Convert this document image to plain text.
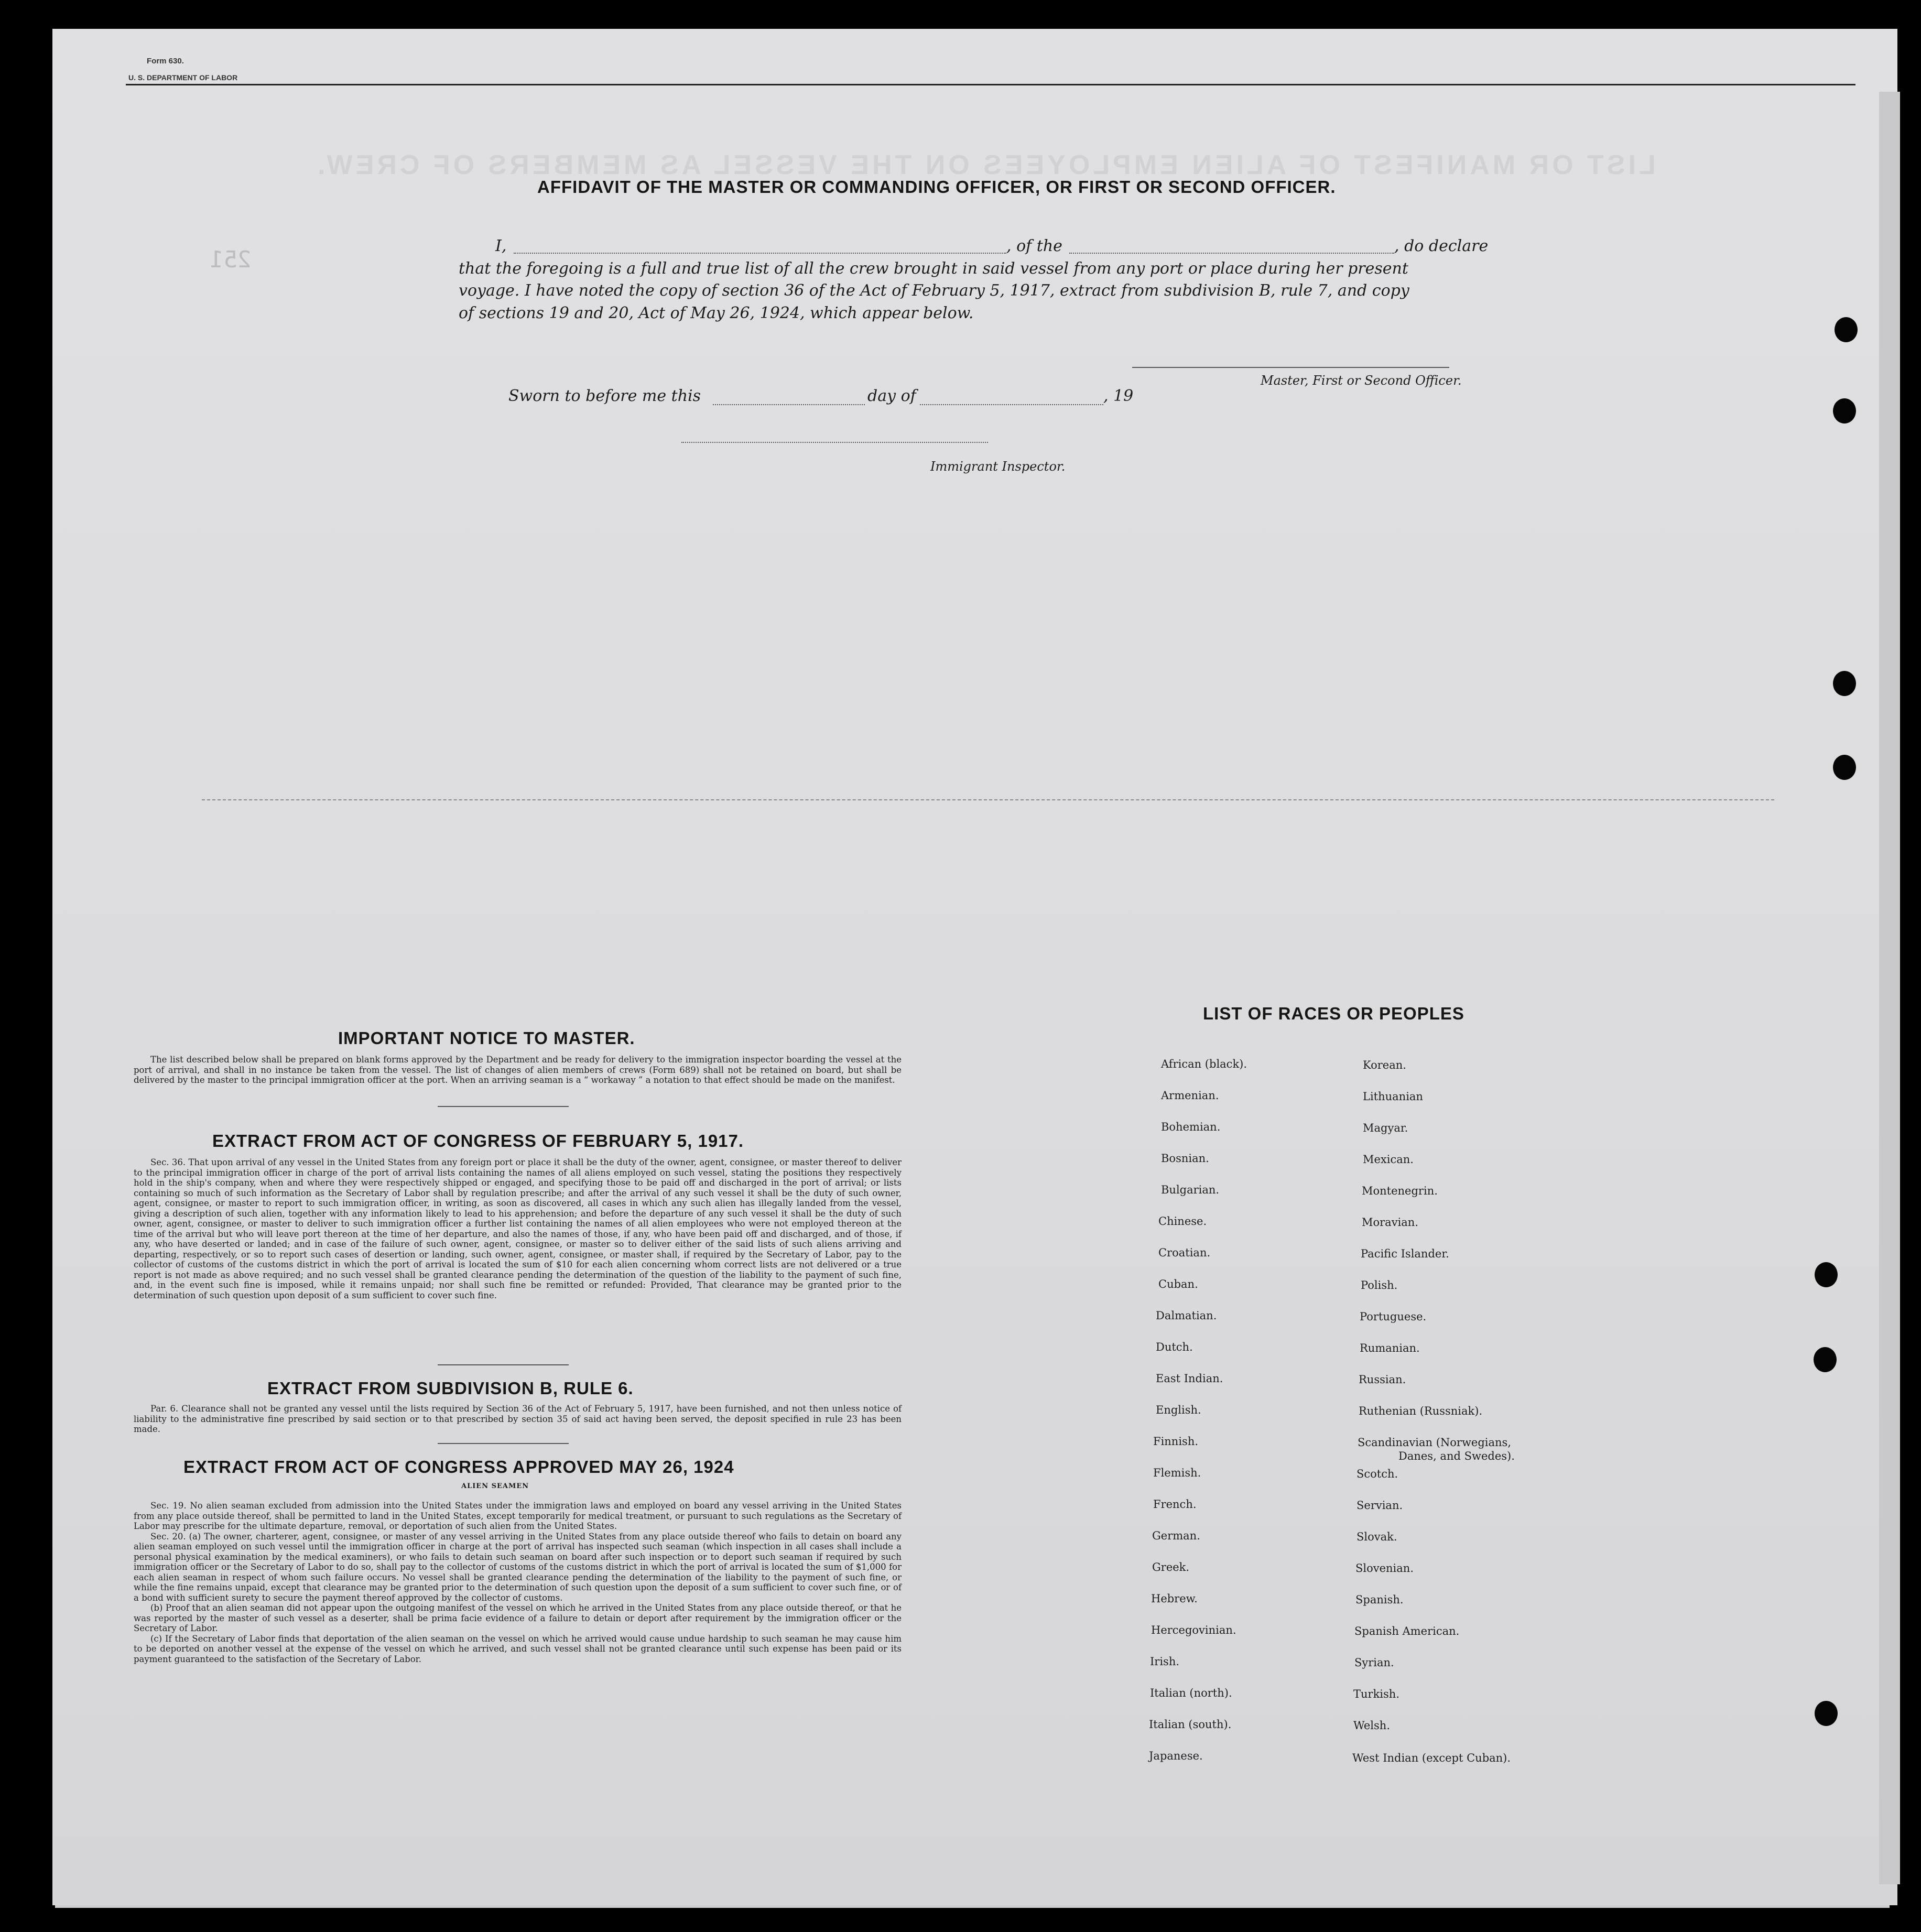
LIST OR MANIFEST OF ALIEN EMPLOYEES ON THE VESSEL AS MEMBERS OF CREW.
251
Form 630.
U. S. DEPARTMENT OF LABOR
AFFIDAVIT OF THE MASTER OR COMMANDING OFFICER, OR FIRST OR SECOND OFFICER.
I,	, of the	, do declare
that the foregoing is a full and true list of all the crew brought in said vessel from any port or place during her present
voyage. I have noted the copy of section 36 of the Act of February 5, 1917, extract from subdivision B, rule 7, and copy
of sections 19 and 20, Act of May 26, 1924, which appear below.
Master, First or Second Officer.
Sworn to before me this	day of	, 19
Immigrant Inspector.
IMPORTANT NOTICE TO MASTER.

The list described below shall be prepared on blank forms approved by the Department and be ready for delivery to the immigration inspector boarding the vessel at the port of arrival, and shall in no instance be taken from the vessel. The list of changes of alien members of crews (Form 689) shall not be retained on board, but shall be delivered by the master to the principal immigration officer at the port. When an arriving seaman is a “ workaway ” a notation to that effect should be made on the manifest.

EXTRACT FROM ACT OF CONGRESS OF FEBRUARY 5, 1917.

Sec. 36. That upon arrival of any vessel in the United States from any foreign port or place it shall be the duty of the owner, agent, consignee, or master thereof to deliver to the principal immigration officer in charge of the port of arrival lists containing the names of all aliens employed on such vessel, stating the positions they respectively hold in the ship's company, when and where they were respectively shipped or engaged, and specifying those to be paid off and discharged in the port of arrival; or lists containing so much of such information as the Secretary of Labor shall by regulation prescribe; and after the arrival of any such vessel it shall be the duty of such owner, agent, consignee, or master to report to such immigration officer, in writing, as soon as discovered, all cases in which any such alien has illegally landed from the vessel, giving a description of such alien, together with any information likely to lead to his apprehension; and before the departure of any such vessel it shall be the duty of such owner, agent, consignee, or master to deliver to such immigration officer a further list containing the names of all alien employees who were not employed thereon at the time of the arrival but who will leave port thereon at the time of her departure, and also the names of those, if any, who have been paid off and discharged, and of those, if any, who have deserted or landed; and in case of the failure of such owner, agent, consignee, or master so to deliver either of the said lists of such aliens arriving and departing, respectively, or so to report such cases of desertion or landing, such owner, agent, consignee, or master shall, if required by the Secretary of Labor, pay to the collector of customs of the customs district in which the port of arrival is located the sum of $10 for each alien concerning whom correct lists are not delivered or a true report is not made as above required; and no such vessel shall be granted clearance pending the determination of the question of the liability to the payment of such fine, and, in the event such fine is imposed, while it remains unpaid; nor shall such fine be remitted or refunded: Provided, That clearance may be granted prior to the determination of such question upon deposit of a sum sufficient to cover such fine.

EXTRACT FROM SUBDIVISION B, RULE 6.

Par. 6. Clearance shall not be granted any vessel until the lists required by Section 36 of the Act of February 5, 1917, have been furnished, and not then unless notice of liability to the administrative fine prescribed by said section or to that prescribed by section 35 of said act having been served, the deposit specified in rule 23 has been made.

EXTRACT FROM ACT OF CONGRESS APPROVED MAY 26, 1924
ALIEN SEAMEN

Sec. 19. No alien seaman excluded from admission into the United States under the immigration laws and employed on board any vessel arriving in the United States from any place outside thereof, shall be permitted to land in the United States, except temporarily for medical treatment, or pursuant to such regulations as the Secretary of Labor may prescribe for the ultimate departure, removal, or deportation of such alien from the United States.

Sec. 20. (a) The owner, charterer, agent, consignee, or master of any vessel arriving in the United States from any place outside thereof who fails to detain on board any alien seaman employed on such vessel until the immigration officer in charge at the port of arrival has inspected such seaman (which inspection in all cases shall include a personal physical examination by the medical examiners), or who fails to detain such seaman on board after such inspection or to deport such seaman if required by such immigration officer or the Secretary of Labor to do so, shall pay to the collector of customs of the customs district in which the port of arrival is located the sum of $1,000 for each alien seaman in respect of whom such failure occurs. No vessel shall be granted clearance pending the determination of the liability to the payment of such fine, or while the fine remains unpaid, except that clearance may be granted prior to the determination of such question upon the deposit of a sum sufficient to cover such fine, or of a bond with sufficient surety to secure the payment thereof approved by the collector of customs.

(b) Proof that an alien seaman did not appear upon the outgoing manifest of the vessel on which he arrived in the United States from any place outside thereof, or that he was reported by the master of such vessel as a deserter, shall be prima facie evidence of a failure to detain or deport after requirement by the immigration officer or the Secretary of Labor.

(c) If the Secretary of Labor finds that deportation of the alien seaman on the vessel on which he arrived would cause undue hardship to such seaman he may cause him to be deported on another vessel at the expense of the vessel on which he arrived, and such vessel shall not be granted clearance until such expense has been paid or its payment guaranteed to the satisfaction of the Secretary of Labor.

LIST OF RACES OR PEOPLES
African (black).
Armenian.
Bohemian.
Bosnian.
Bulgarian.
Chinese.
Croatian.
Cuban.
Dalmatian.
Dutch.
East Indian.
English.
Finnish.
Flemish.
French.
German.
Greek.
Hebrew.
Hercegovinian.
Irish.
Italian (north).
Italian (south).
Japanese.
Korean.
Lithuanian
Magyar.
Mexican.
Montenegrin.
Moravian.
Pacific Islander.
Polish.
Portuguese.
Rumanian.
Russian.
Ruthenian (Russniak).
Scandinavian (Norwegians,
Danes, and Swedes).
Scotch.
Servian.
Slovak.
Slovenian.
Spanish.
Spanish American.
Syrian.
Turkish.
Welsh.
West Indian (except Cuban).
